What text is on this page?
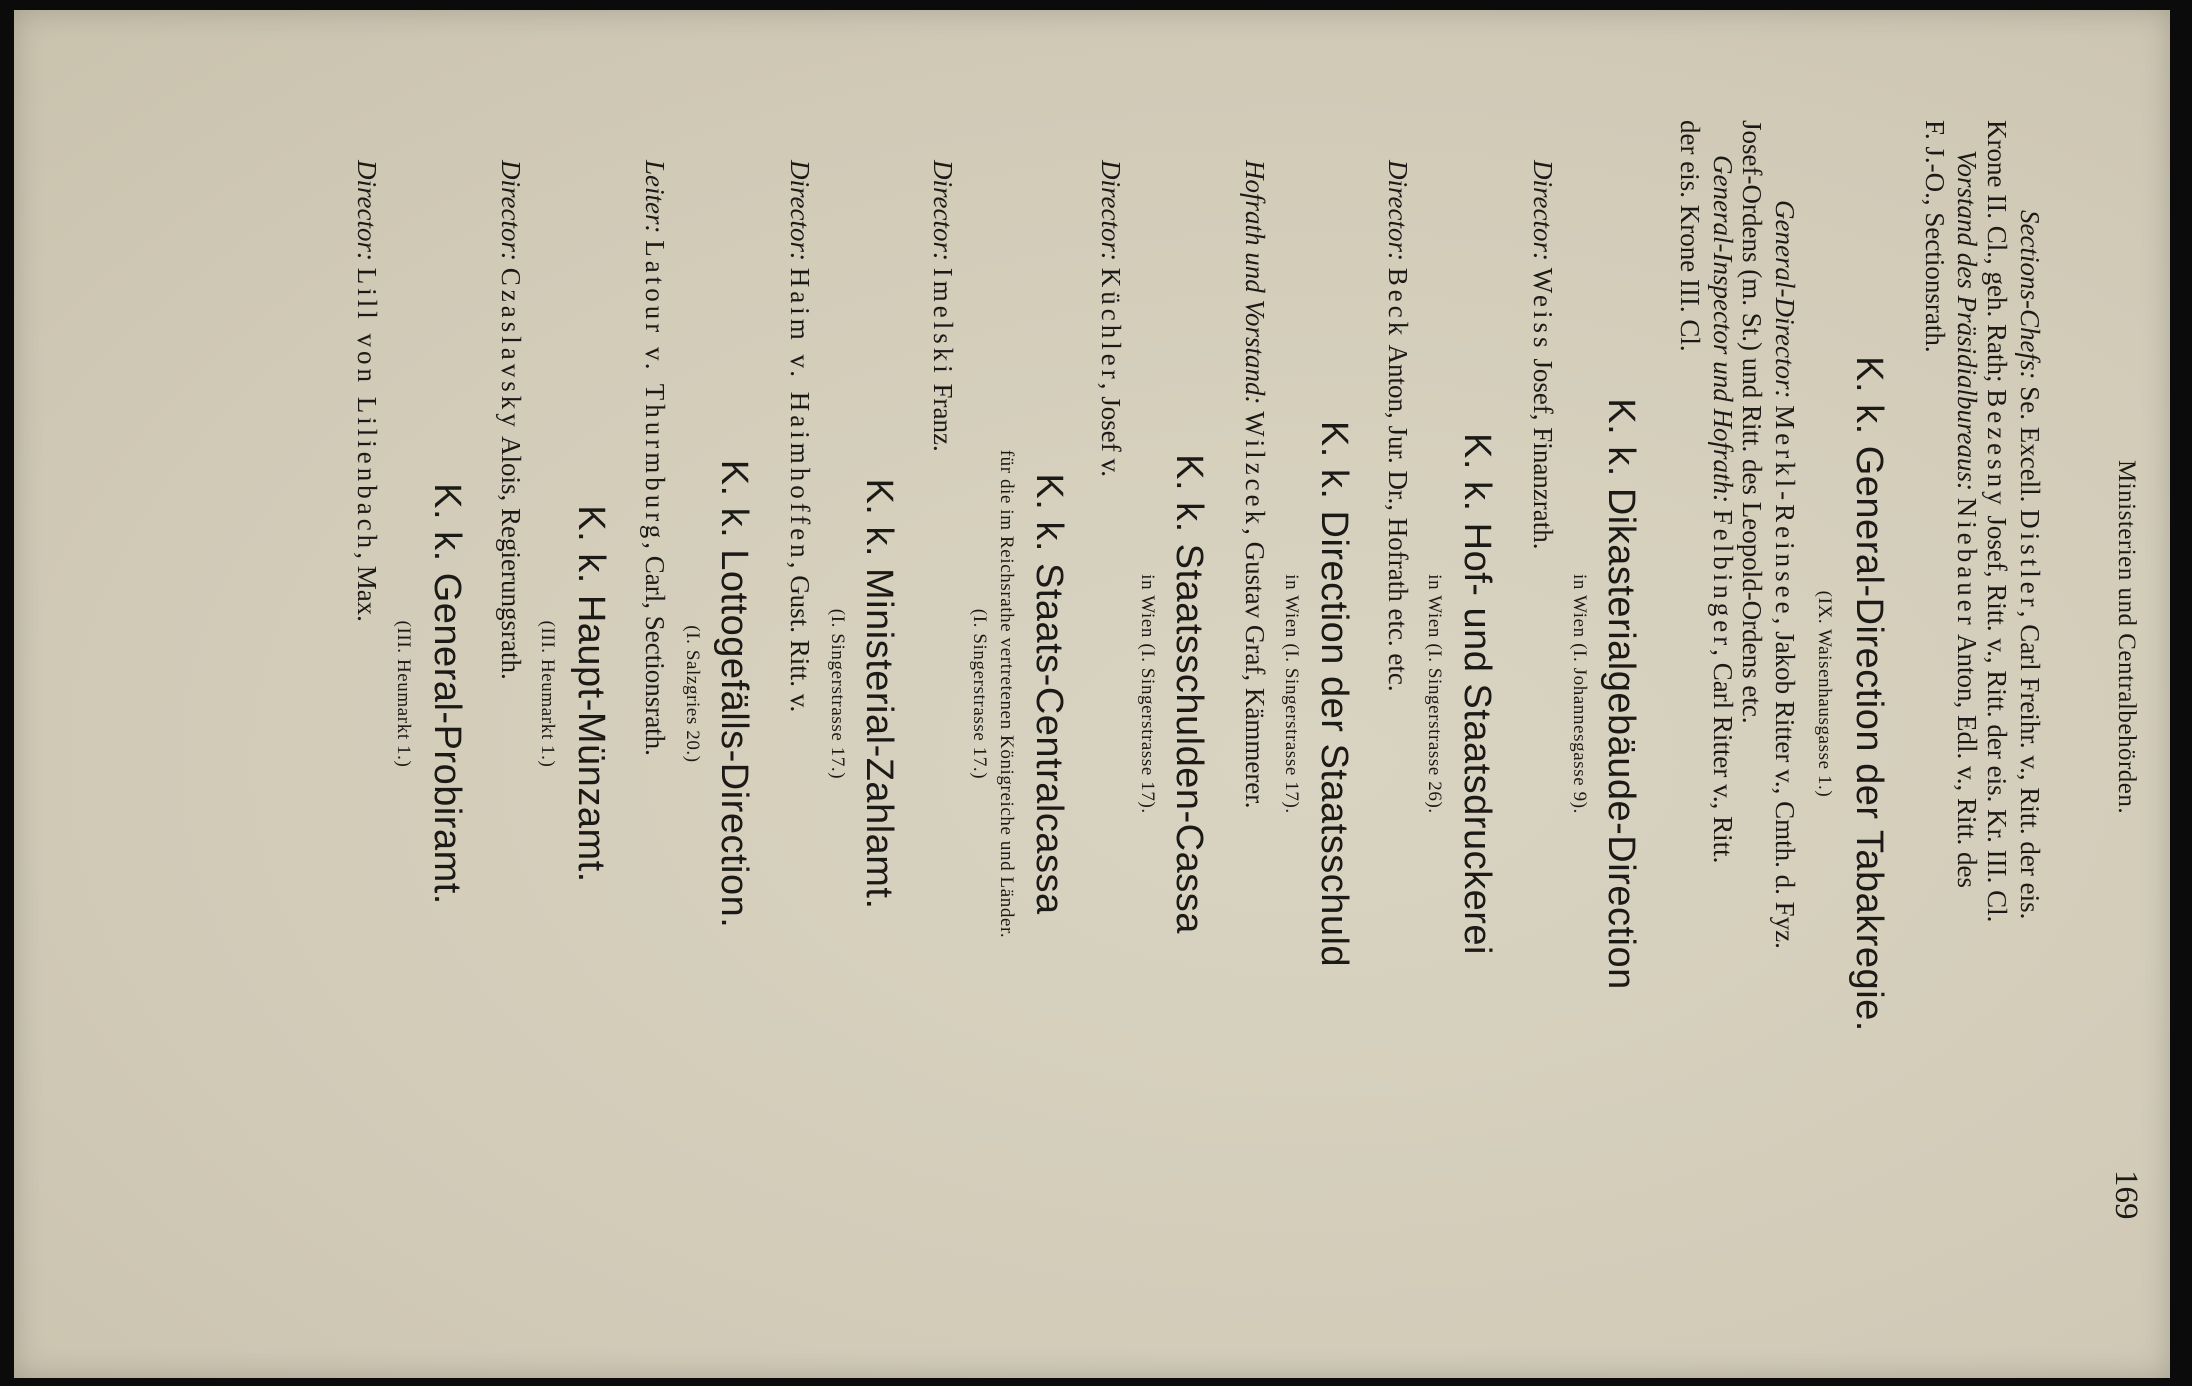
Ministerien und Centralbehörden.
169
Sections-Chefs: Se. Excell. Distler, Carl Freihr. v., Ritt. der eis.
Krone II. Cl., geh. Rath; Bezesny Josef, Ritt. v., Ritt. der eis. Kr. III. Cl.
Vorstand des Präsidialbureaus: Niebauer Anton, Edl. v., Ritt. des
F. J.-O., Sectionsrath.
K. k. General-Direction der Tabakregie.
(IX. Waisenhausgasse 1.)
General-Director: Merkl-Reinsee, Jakob Ritter v., Cmth. d. Fyz.
Josef-Ordens (m. St.) und Ritt. des Leopold-Ordens etc.
General-Inspector und Hofrath: Felbinger, Carl Ritter v., Ritt.
der eis. Krone III. Cl.
K. k. Dikasterialgebäude-Direction
in Wien (I. Johannesgasse 9).
Director: Weiss Josef, Finanzrath.
K. k. Hof- und Staatsdruckerei
in Wien (I. Singerstrasse 26).
Director: Beck Anton, Jur. Dr., Hofrath etc. etc.
K. k. Direction der Staatsschuld
in Wien (I. Singerstrasse 17).
Hofrath und Vorstand: Wilzcek, Gustav Graf, Kämmerer.
K. k. Staatsschulden-Cassa
in Wien (I. Singerstrasse 17).
Director: Küchler, Josef v.
K. k. Staats-Centralcassa
für die im Reichsrathe vertretenen Königreiche und Länder.
(I. Singerstrasse 17.)
Director: Imelski Franz.
K. k. Ministerial-Zahlamt.
(I. Singerstrasse 17.)
Director: Haim v. Haimhoffen, Gust. Ritt. v.
K. k. Lottogefälls-Direction.
(I. Salzgries 20.)
Leiter: Latour v. Thurmburg, Carl, Sectionsrath.
K. k. Haupt-Münzamt.
(III. Heumarkt 1.)
Director: Czaslavsky Alois, Regierungsrath.
K. k. General-Probiramt.
(III. Heumarkt 1.)
Director: Lill von Lilienbach, Max.
